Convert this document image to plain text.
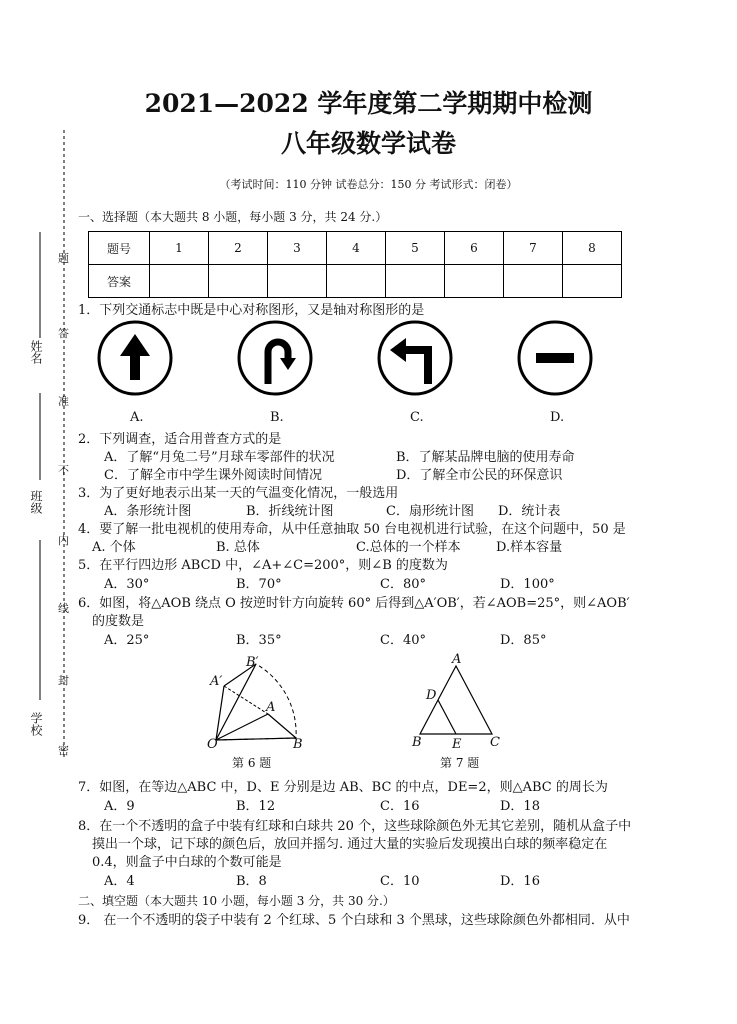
2021—2022 学年度第二学期期中检测
八年级数学试卷
（考试时间：110 分钟 试卷总分：150 分 考试形式：闭卷）
姓名
班级
学校
题
答
准
不
内
线
封
密
一、选择题（本大题共 8 小题，每小题 3 分，共 24 分.）
题号	1	2	3	4	5	6	7	8
答案								
1．下列交通标志中既是中心对称图形，又是轴对称图形的是
A.	B.	C.	D.
2．下列调查，适合用普查方式的是
A．了解“月兔二号”月球车零部件的状况	B．了解某品牌电脑的使用寿命
C．了解全市中学生课外阅读时间情况	D．了解全市公民的环保意识
3．为了更好地表示出某一天的气温变化情况，一般选用
A．条形统计图	B．折线统计图	C．扇形统计图 D．统计表
4．要了解一批电视机的使用寿命，从中任意抽取 50 台电视机进行试验，在这个问题中，50 是
A. 个体	B. 总体	C.总体的一个样本	D.样本容量
5．在平行四边形 ABCD 中，∠A+∠C=200°，则∠B 的度数为
A．30°	B．70°	C．80°	D．100°
6．如图，将△AOB 绕点 O 按逆时针方向旋转 60° 后得到△A′OB′，若∠AOB=25°，则∠AOB′
的度数是
A．25°	B．35°	C．40°	D．85°
B′
A′
A
O	B
第 6 题
A
D
B E C
第 7 题
7．如图，在等边△ABC 中，D、E 分别是边 AB、BC 的中点，DE=2，则△ABC 的周长为
A．9	B．12	C．16	D．18
8．在一个不透明的盒子中装有红球和白球共 20 个，这些球除颜色外无其它差别，随机从盒子中
摸出一个球，记下球的颜色后，放回并摇匀. 通过大量的实验后发现摸出白球的频率稳定在
0.4，则盒子中白球的个数可能是
A．4	B．8	C．10	D．16
二、填空题（本大题共 10 小题，每小题 3 分，共 30 分.）
9． 在一个不透明的袋子中装有 2 个红球、5 个白球和 3 个黑球，这些球除颜色外都相同．从中
